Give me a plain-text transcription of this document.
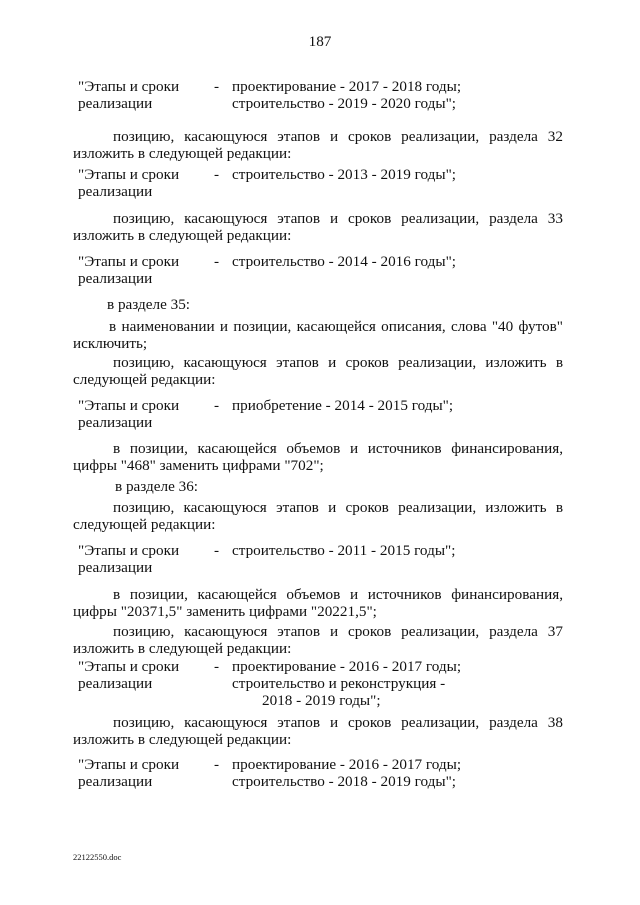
187
"Этапы и сроки
реализации
- проектирование - 2017 - 2018 годы;
строительство - 2019 - 2020 годы";
позицию, касающуюся этапов и сроков реализации, раздела 32
изложить в следующей редакции:
"Этапы и сроки
реализации
- строительство - 2013 - 2019 годы";
позицию, касающуюся этапов и сроков реализации, раздела 33
изложить в следующей редакции:
"Этапы и сроки
реализации
- строительство - 2014 - 2016 годы";
в разделе 35:
в наименовании и позиции, касающейся описания, слова "40 футов"
исключить;
позицию, касающуюся этапов и сроков реализации, изложить в
следующей редакции:
"Этапы и сроки
реализации
- приобретение - 2014 - 2015 годы";
в позиции, касающейся объемов и источников финансирования,
цифры "468" заменить цифрами "702";
в разделе 36:
позицию, касающуюся этапов и сроков реализации, изложить в
следующей редакции:
"Этапы и сроки
реализации
- строительство - 2011 - 2015 годы";
в позиции, касающейся объемов и источников финансирования,
цифры "20371,5" заменить цифрами "20221,5";
позицию, касающуюся этапов и сроков реализации, раздела 37
изложить в следующей редакции:
"Этапы и сроки
реализации
- проектирование - 2016 - 2017 годы;
строительство и реконструкция -
2018 - 2019 годы";
позицию, касающуюся этапов и сроков реализации, раздела 38
изложить в следующей редакции:
"Этапы и сроки
реализации
- проектирование - 2016 - 2017 годы;
строительство - 2018 - 2019 годы";
22122550.doc
